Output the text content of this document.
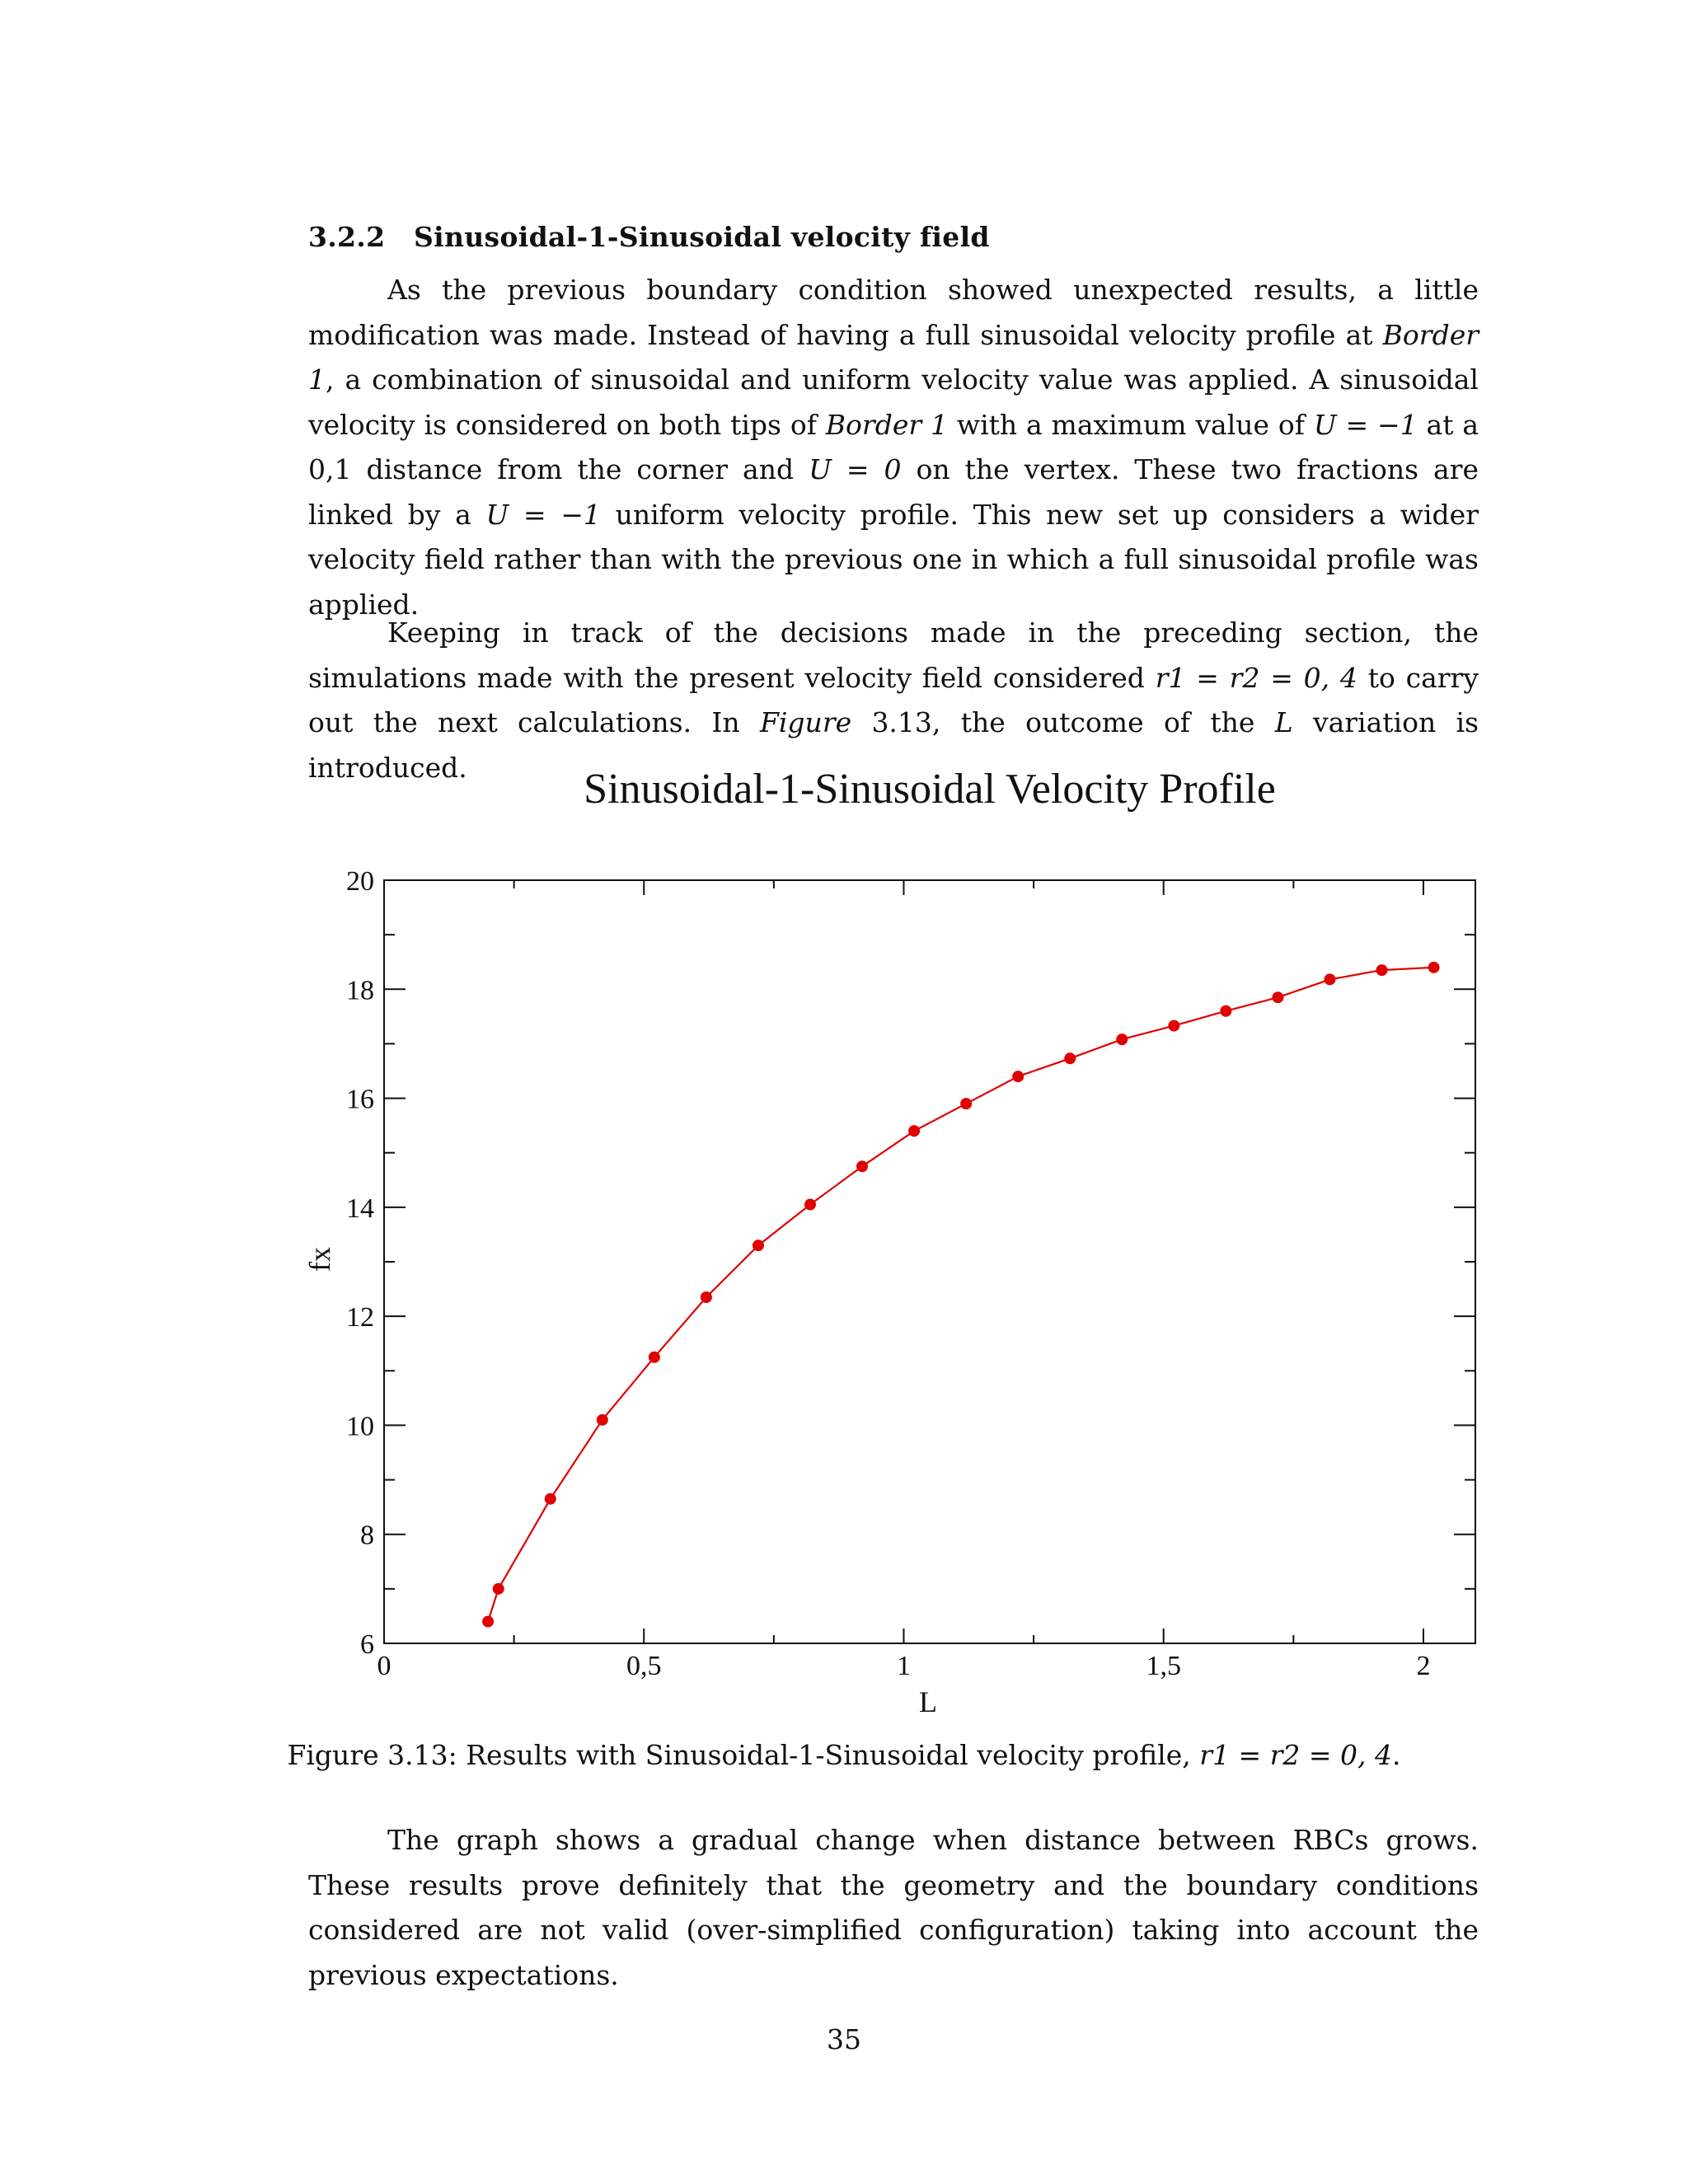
3.2.2 Sinusoidal-1-Sinusoidal velocity field

As the previous boundary condition showed unexpected results, a little modification was made. Instead of having a full sinusoidal velocity profile at Border 1, a combination of sinusoidal and uniform velocity value was applied. A sinusoidal velocity is considered on both tips of Border 1 with a maximum value of U = −1 at a 0,1 distance from the corner and U = 0 on the vertex. These two fractions are linked by a U = −1 uniform velocity profile. This new set up considers a wider velocity field rather than with the previous one in which a full sinusoidal profile was applied.

Keeping in track of the decisions made in the preceding section, the simulations made with the present velocity field considered r1 = r2 = 0, 4 to carry out the next calculations. In Figure 3.13, the outcome of the L variation is introduced.	Sinusoidal-1-Sinusoidal Velocity Profile
L
fx
0	0,5	1	1,5	2
6
8
10
12
14
16
18
20
Figure 3.13: Results with Sinusoidal-1-Sinusoidal velocity profile, r1 = r2 = 0, 4.

The graph shows a gradual change when distance between RBCs grows. These results prove definitely that the geometry and the boundary conditions considered are not valid (over-simplified configuration) taking into account the previous expectations.

35
